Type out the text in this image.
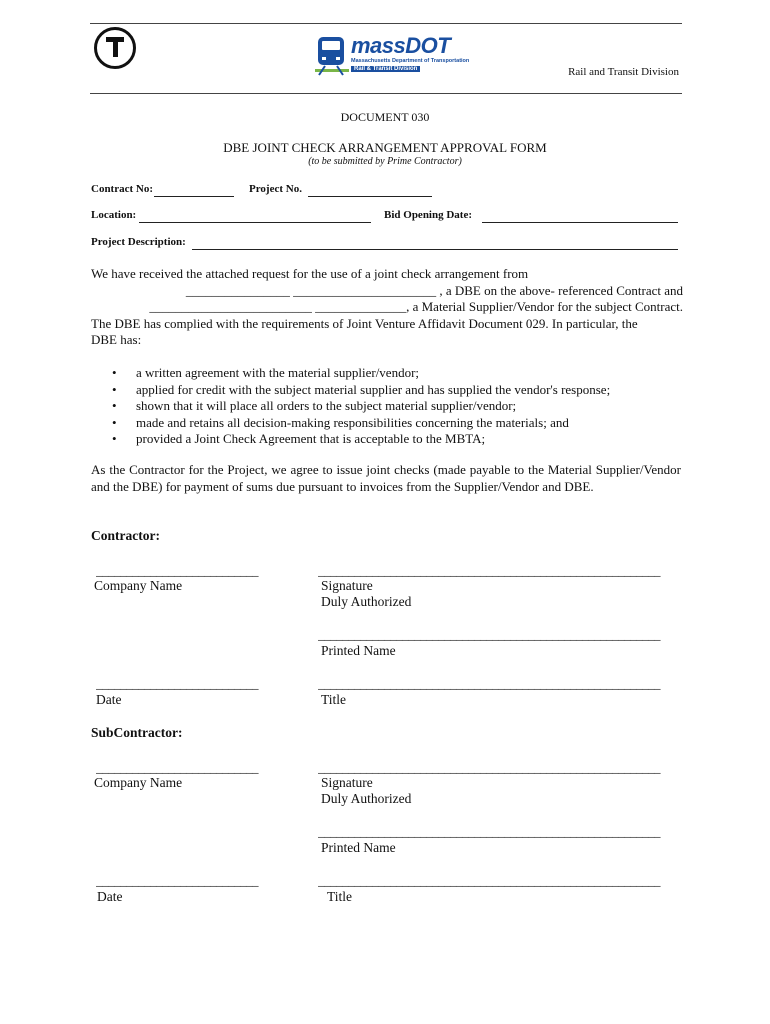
massDOT
Massachusetts Department of Transportation
Rail & Transit Division	Rail and Transit Division
DOCUMENT 030
DBE JOINT CHECK ARRANGEMENT APPROVAL FORM
(to be submitted by Prime Contractor)
Contract No:	Project No.
Location:	Bid Opening Date:
Project Description:
We have received the attached request for the use of a joint check arrangement from
________________ ______________________ , a DBE on the above- referenced Contract and
_________________________ ______________, a Material Supplier/Vendor for the subject Contract.
The DBE has complied with the requirements of Joint Venture Affidavit Document 029. In particular, the
DBE has:
• a written agreement with the material supplier/vendor;
• applied for credit with the subject material supplier and has supplied the vendor's response;
• shown that it will place all orders to the subject material supplier/vendor;
• made and retains all decision-making responsibilities concerning the materials; and
• provided a Joint Check Agreement that is acceptable to the MBTA;
As the Contractor for the Project, we agree to issue joint checks (made payable to the Material Supplier/Vendor and the DBE) for payment of sums due pursuant to invoices from the Supplier/Vendor and DBE.
Contractor:
___________________________
Company Name
_________________________________________________________
Signature
Duly Authorized
_________________________________________________________
Printed Name
___________________________
Date
_________________________________________________________
Title
SubContractor:
___________________________
Company Name
_________________________________________________________
Signature
Duly Authorized
_________________________________________________________
Printed Name
___________________________
Date
_________________________________________________________
Title
